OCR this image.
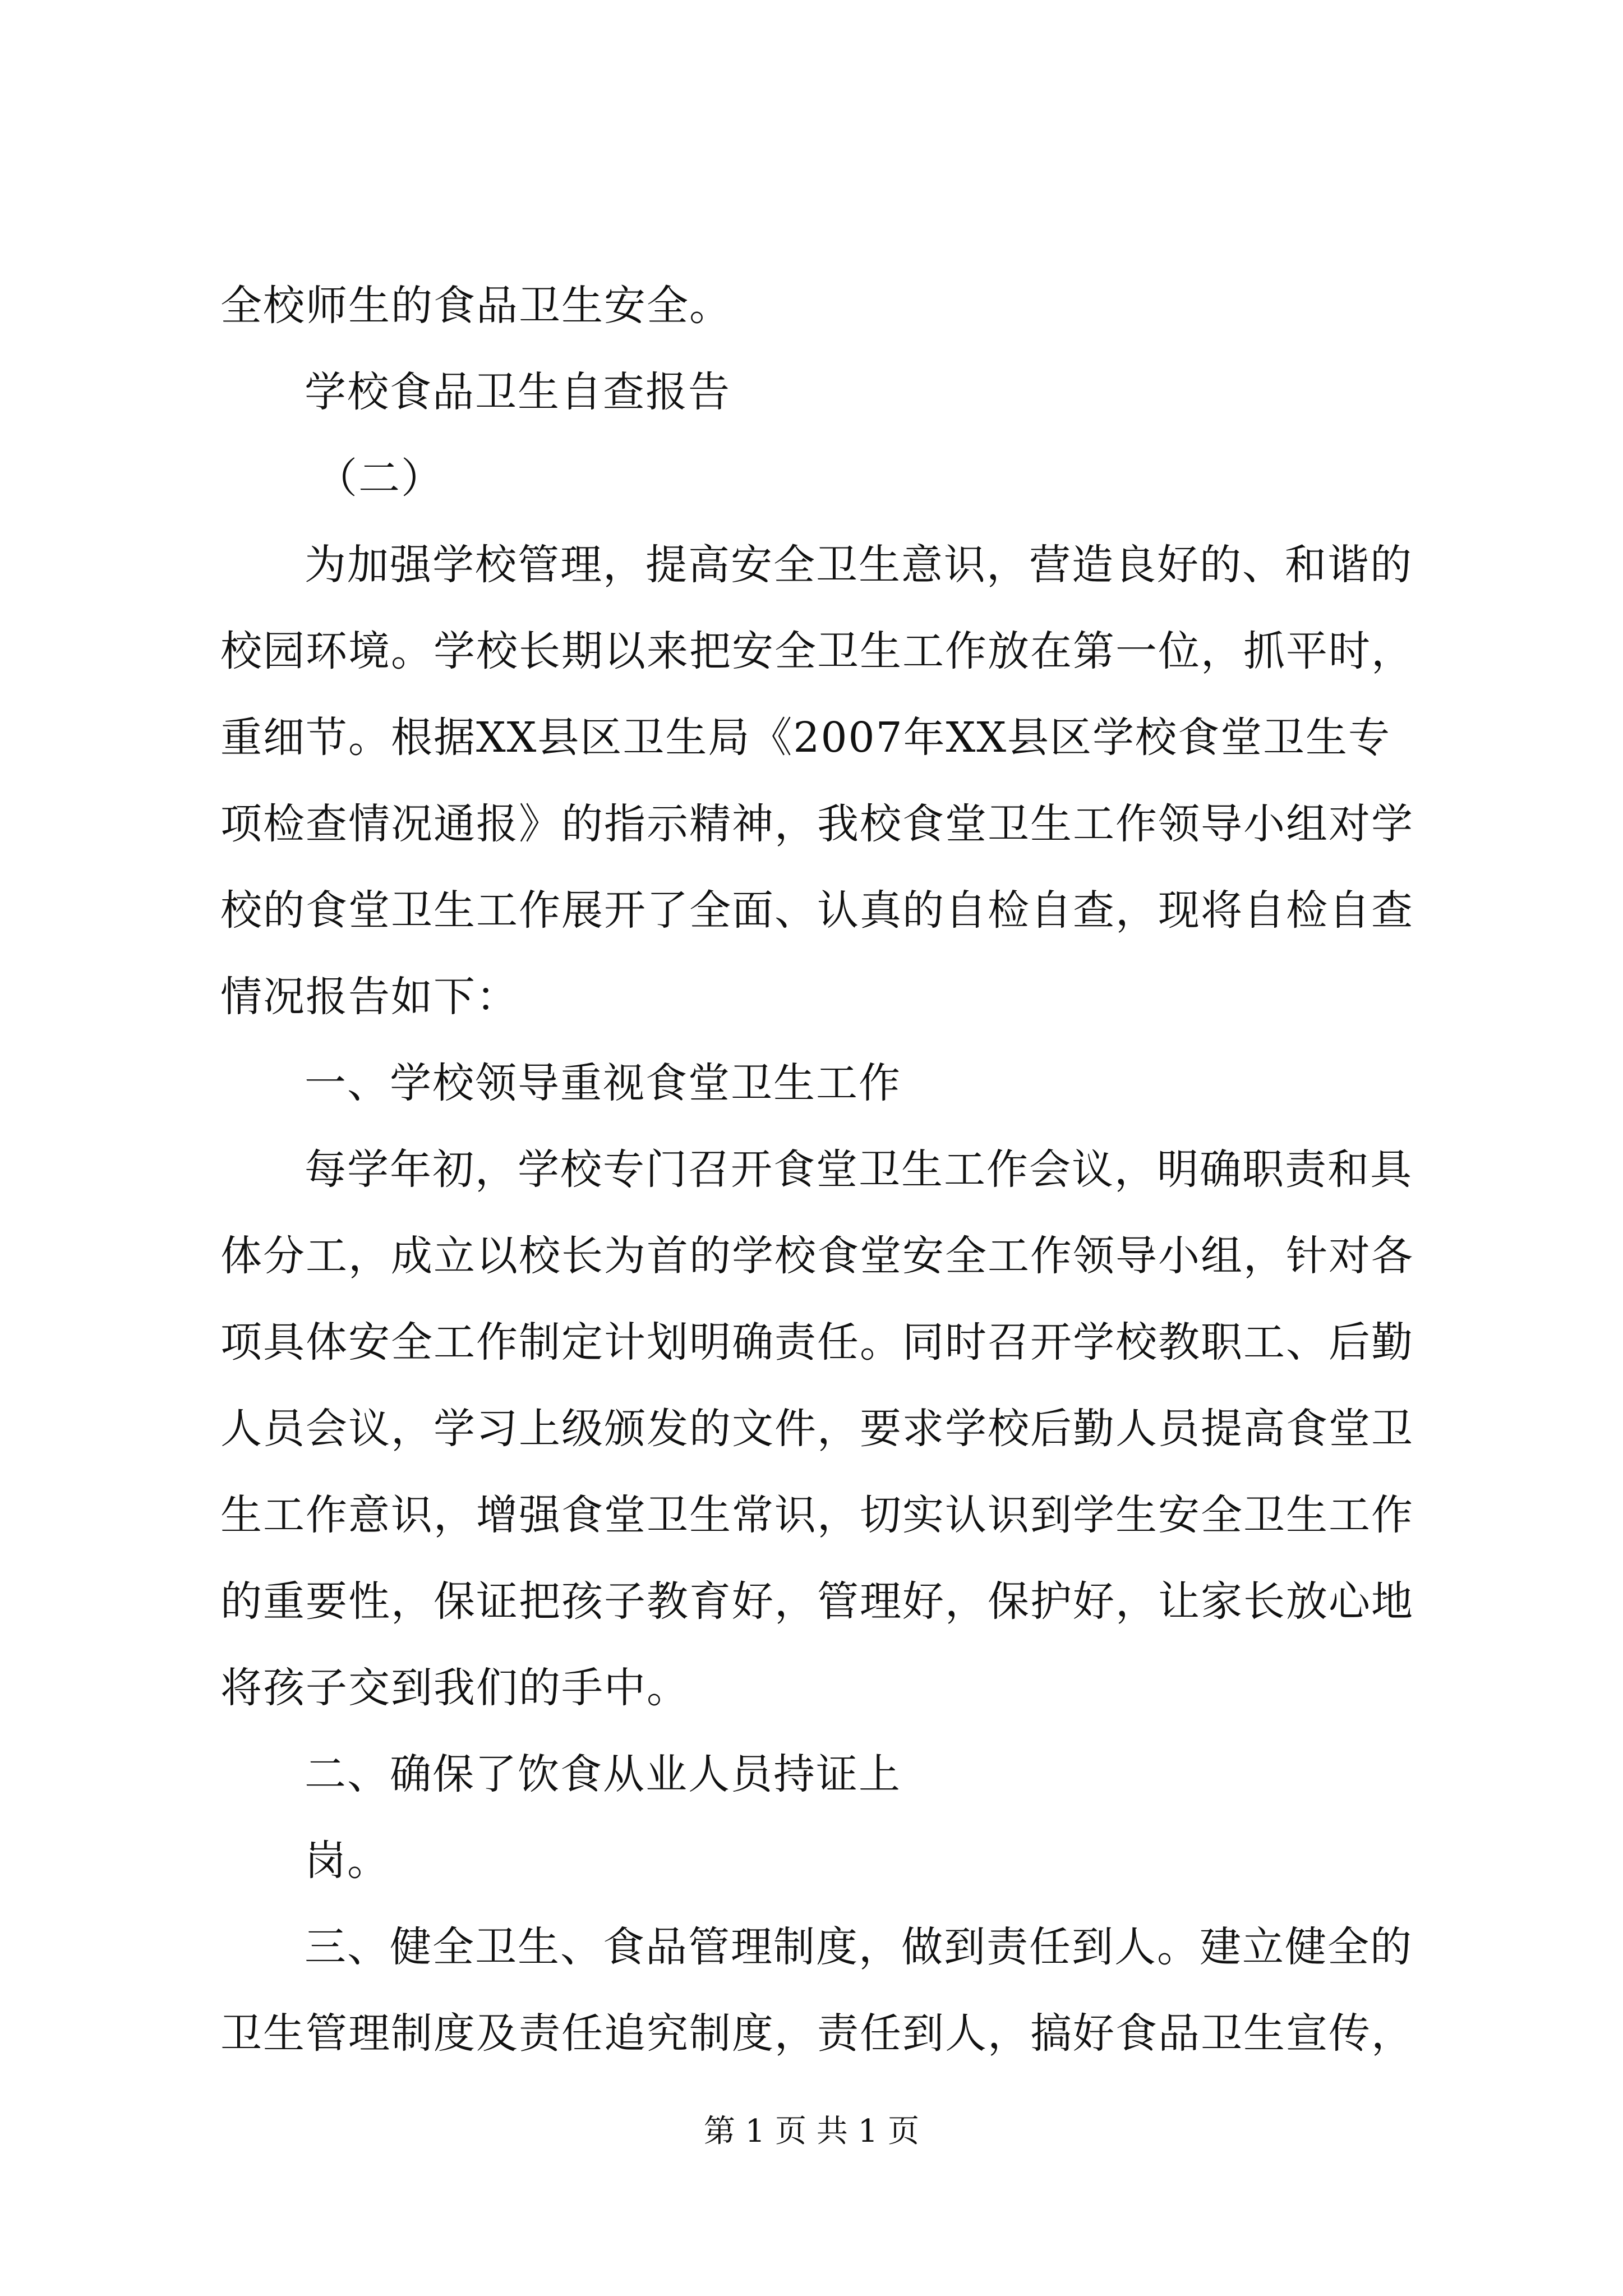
全校师生的食品卫生安全。
学校食品卫生自查报告
（二）
为加强学校管理，提高安全卫生意识，营造良好的、和谐的
校园环境。学校长期以来把安全卫生工作放在第一位，抓平时，
重细节。根据XX县区卫生局《2007年XX县区学校食堂卫生专
项检查情况通报》的指示精神，我校食堂卫生工作领导小组对学
校的食堂卫生工作展开了全面、认真的自检自查，现将自检自查
情况报告如下：
一、学校领导重视食堂卫生工作
每学年初，学校专门召开食堂卫生工作会议，明确职责和具
体分工，成立以校长为首的学校食堂安全工作领导小组，针对各
项具体安全工作制定计划明确责任。同时召开学校教职工、后勤
人员会议，学习上级颁发的文件，要求学校后勤人员提高食堂卫
生工作意识，增强食堂卫生常识，切实认识到学生安全卫生工作
的重要性，保证把孩子教育好，管理好，保护好，让家长放心地
将孩子交到我们的手中。
二、确保了饮食从业人员持证上
岗。
三、健全卫生、食品管理制度，做到责任到人。建立健全的
卫生管理制度及责任追究制度，责任到人，搞好食品卫生宣传，
第 1 页 共 1 页
